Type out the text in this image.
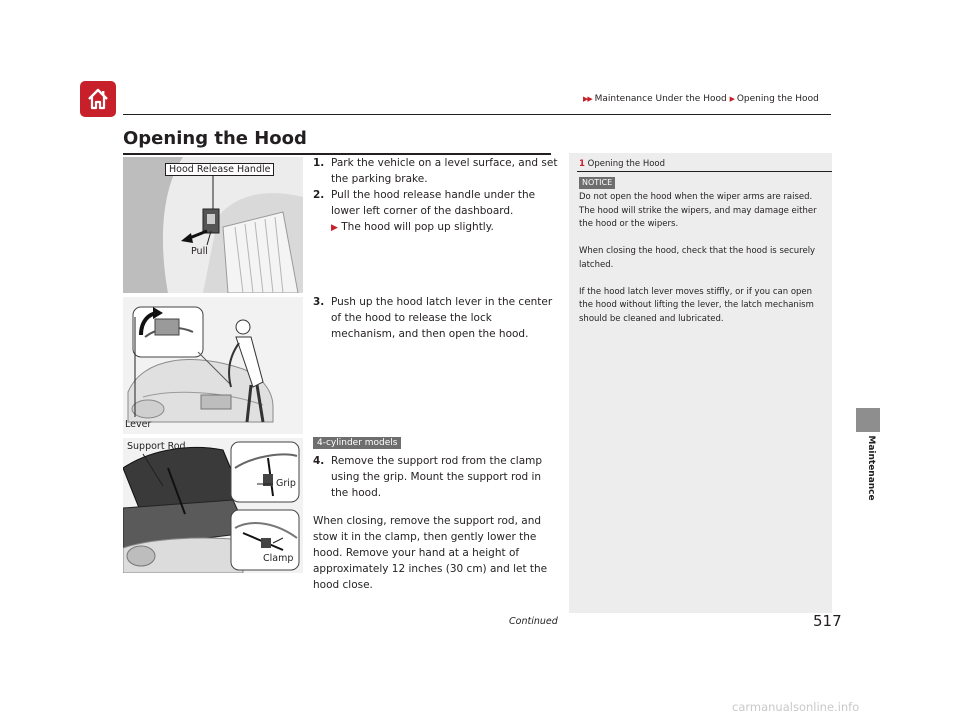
▶▶ Maintenance Under the Hood ▶ Opening the Hood
Maintenance
Opening the Hood
Hood Release Handle
Pull
Lever
Support Rod
Grip
Clamp
1. Park the vehicle on a level surface, and set the parking brake.
2. Pull the hood release handle under the lower left corner of the dashboard.
▶ The hood will pop up slightly.
3. Push up the hood latch lever in the center of the hood to release the lock mechanism, and then open the hood.
4-cylinder models
4. Remove the support rod from the clamp using the grip. Mount the support rod in the hood.
When closing, remove the support rod, and stow it in the clamp, then gently lower the hood. Remove your hand at a height of approximately 12 inches (30 cm) and let the hood close.
1 Opening the Hood
NOTICE

Do not open the hood when the wiper arms are raised.
The hood will strike the wipers, and may damage either the hood or the wipers.

When closing the hood, check that the hood is securely latched.

If the hood latch lever moves stiffly, or if you can open the hood without lifting the lever, the latch mechanism should be cleaned and lubricated.

Continued	517
carmanualsonline.info
